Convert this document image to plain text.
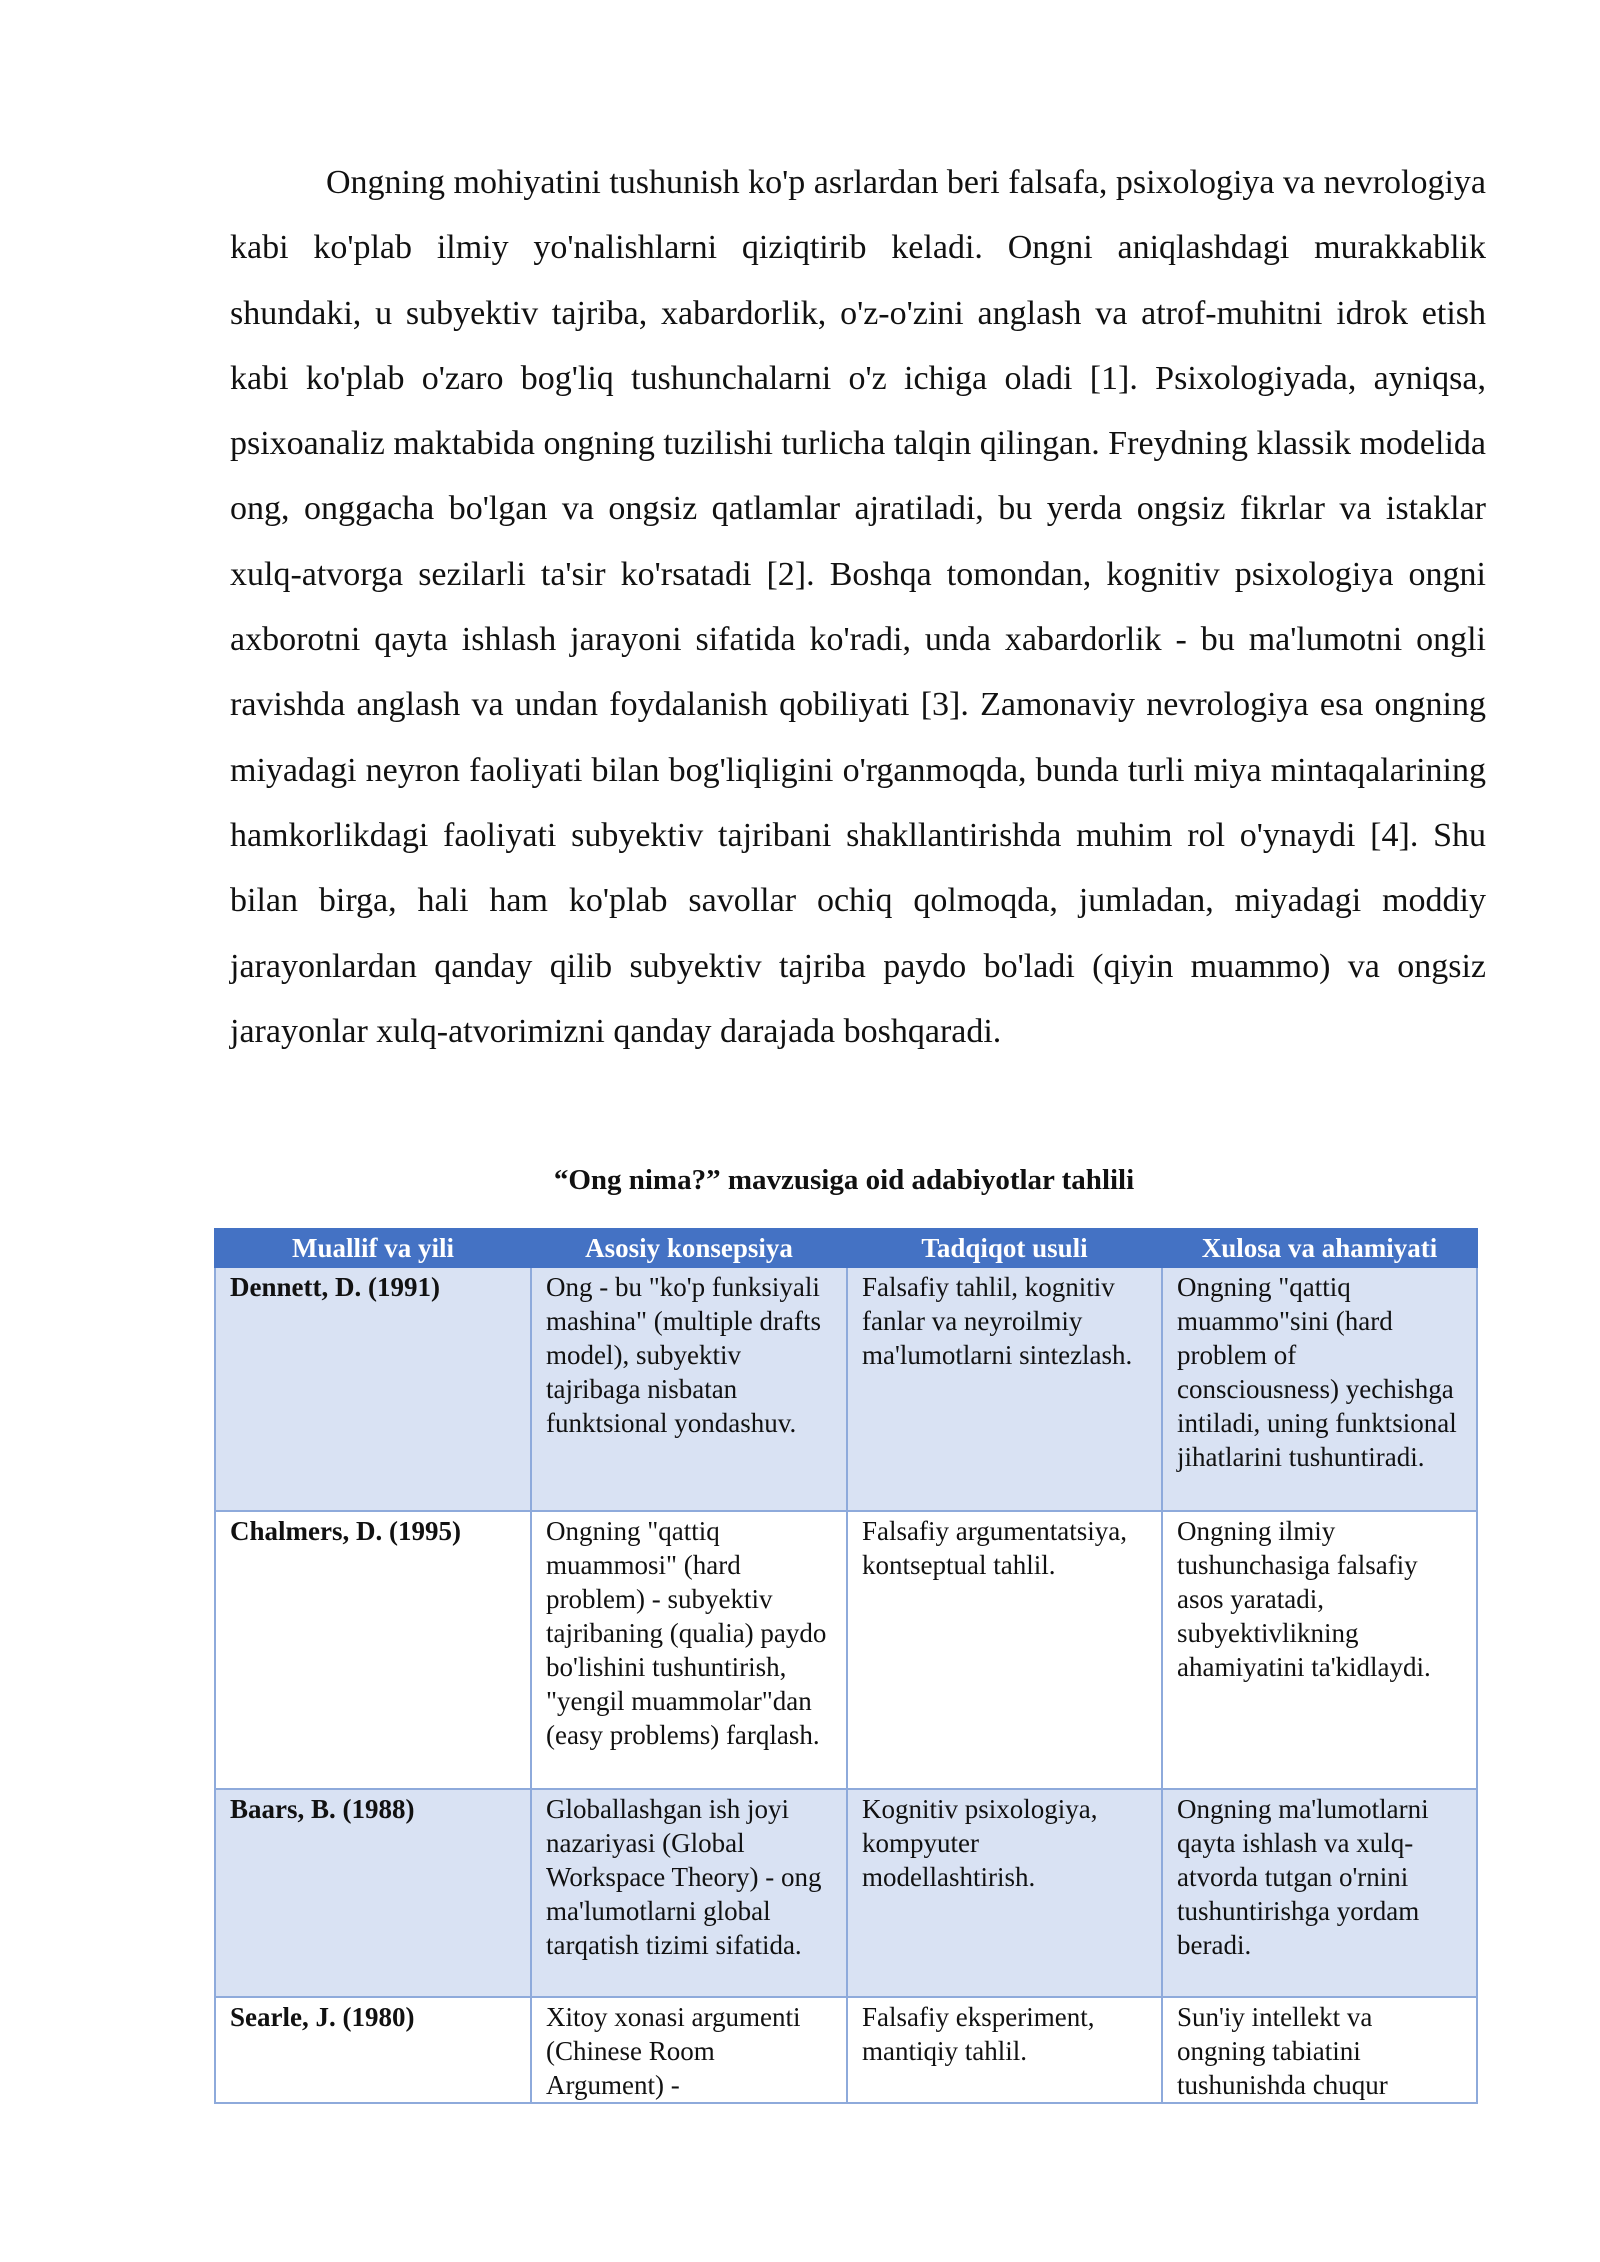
Ongning mohiyatini tushunish ko'p asrlardan beri falsafa, psixologiya va nevrologiya kabi ko'plab ilmiy yo'nalishlarni qiziqtirib keladi. Ongni aniqlashdagi murakkablik shundaki, u subyektiv tajriba, xabardorlik, o'z-o'zini anglash va atrof-muhitni idrok etish kabi ko'plab o'zaro bog'liq tushunchalarni o'z ichiga oladi [1]. Psixologiyada, ayniqsa, psixoanaliz maktabida ongning tuzilishi turlicha talqin qilingan. Freydning klassik modelida ong, onggacha bo'lgan va ongsiz qatlamlar ajratiladi, bu yerda ongsiz fikrlar va istaklar xulq-atvorga sezilarli ta'sir ko'rsatadi [2]. Boshqa tomondan, kognitiv psixologiya ongni axborotni qayta ishlash jarayoni sifatida ko'radi, unda xabardorlik - bu ma'lumotni ongli ravishda anglash va undan foydalanish qobiliyati [3]. Zamonaviy nevrologiya esa ongning miyadagi neyron faoliyati bilan bog'liqligini o'rganmoqda, bunda turli miya mintaqalarining hamkorlikdagi faoliyati subyektiv tajribani shakllantirishda muhim rol o'ynaydi [4]. Shu bilan birga, hali ham ko'plab savollar ochiq qolmoqda, jumladan, miyadagi moddiy jarayonlardan qanday qilib subyektiv tajriba paydo bo'ladi (qiyin muammo) va ongsiz jarayonlar xulq-atvorimizni qanday darajada boshqaradi.

“Ong nima?” mavzusiga oid adabiyotlar tahlili

Muallif va yili	Asosiy konsepsiya	Tadqiqot usuli	Xulosa va ahamiyati
Dennett, D. (1991)	Ong - bu "ko'p funksiyali mashina" (multiple drafts model), subyektiv tajribaga nisbatan funktsional yondashuv.	Falsafiy tahlil, kognitiv fanlar va neyroilmiy ma'lumotlarni sintezlash.	Ongning "qattiq muammo"sini (hard problem of consciousness) yechishga intiladi, uning funktsional jihatlarini tushuntiradi.
Chalmers, D. (1995)	Ongning "qattiq muammosi" (hard problem) - subyektiv tajribaning (qualia) paydo bo'lishini tushuntirish, "yengil muammolar"dan (easy problems) farqlash.	Falsafiy argumentatsiya, kontseptual tahlil.	Ongning ilmiy tushunchasiga falsafiy asos yaratadi, subyektivlikning ahamiyatini ta'kidlaydi.
Baars, B. (1988)	Globallashgan ish joyi nazariyasi (Global Workspace Theory) - ong ma'lumotlarni global tarqatish tizimi sifatida.	Kognitiv psixologiya, kompyuter modellashtirish.	Ongning ma'lumotlarni qayta ishlash va xulq-atvorda tutgan o'rnini tushuntirishga yordam beradi.
Searle, J. (1980)	Xitoy xonasi argumenti (Chinese Room Argument) -	Falsafiy eksperiment, mantiqiy tahlil.	Sun'iy intellekt va ongning tabiatini tushunishda chuqur
